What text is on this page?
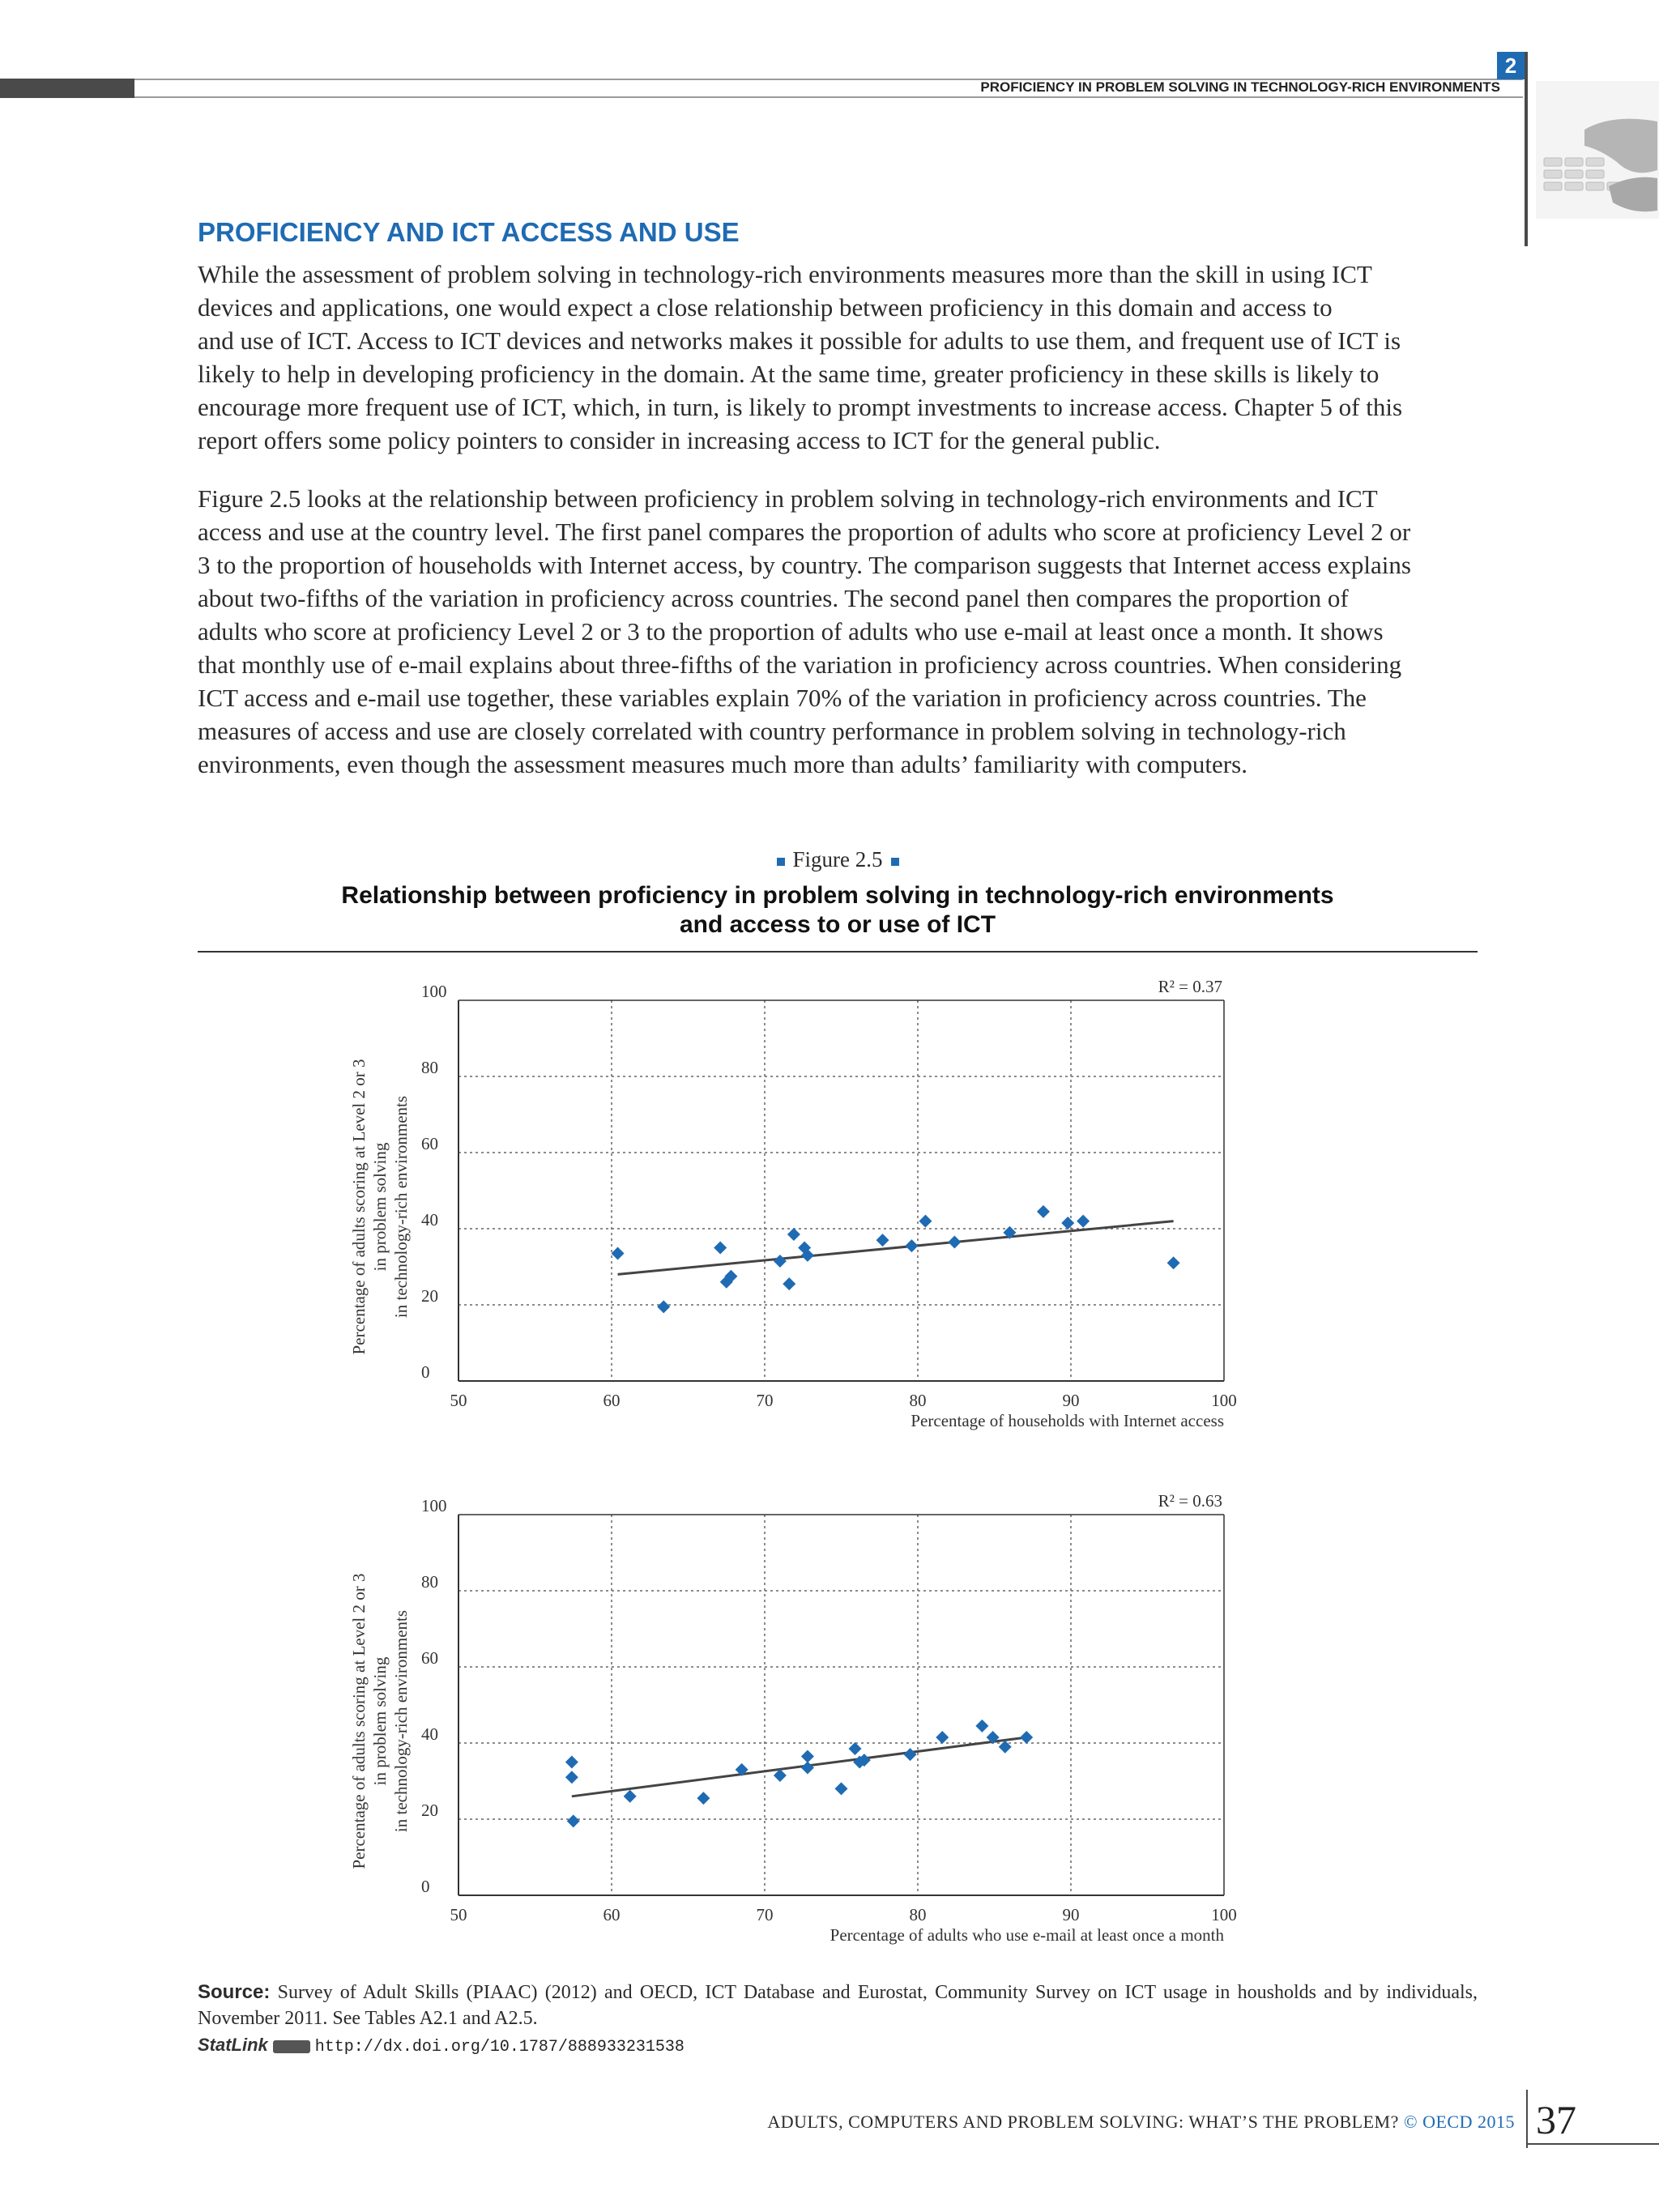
PROFICIENCY IN PROBLEM SOLVING IN TECHNOLOGY-RICH ENVIRONMENTS
2
PROFICIENCY AND ICT ACCESS AND USE
While the assessment of problem solving in technology-rich environments measures more than the skill in using ICT
devices and applications, one would expect a close relationship between proficiency in this domain and access to
and use of ICT. Access to ICT devices and networks makes it possible for adults to use them, and frequent use of ICT is
likely to help in developing proficiency in the domain. At the same time, greater proficiency in these skills is likely to
encourage more frequent use of ICT, which, in turn, is likely to prompt investments to increase access. Chapter 5 of this
report offers some policy pointers to consider in increasing access to ICT for the general public.
Figure 2.5 looks at the relationship between proficiency in problem solving in technology-rich environments and ICT
access and use at the country level. The first panel compares the proportion of adults who score at proficiency Level 2 or
3 to the proportion of households with Internet access, by country. The comparison suggests that Internet access explains
about two-fifths of the variation in proficiency across countries. The second panel then compares the proportion of
adults who score at proficiency Level 2 or 3 to the proportion of adults who use e-mail at least once a month. It shows
that monthly use of e-mail explains about three-fifths of the variation in proficiency across countries. When considering
ICT access and e-mail use together, these variables explain 70% of the variation in proficiency across countries. The
measures of access and use are closely correlated with country performance in problem solving in technology-rich
environments, even though the assessment measures much more than adults’ familiarity with computers.
Figure 2.5
Relationship between proficiency in problem solving in technology-rich environments
and access to or use of ICT
0
20
40
60
80
100
50	60	70	80	90	100
R² = 0.37
Percentage of households with Internet access
Percentage of adults scoring at Level 2 or 3 in problem solving in technology-rich environments
0
20
40
60
80
100
50	60	70	80	90	100
R² = 0.63
Percentage of adults who use e-mail at least once a month
Percentage of adults scoring at Level 2 or 3 in problem solving in technology-rich environments
Source: Survey of Adult Skills (PIAAC) (2012) and OECD, ICT Database and Eurostat, Community Survey on ICT usage in housholds and by individuals, November 2011. See Tables A2.1 and A2.5.
StatLink	http://dx.doi.org/10.1787/888933231538
ADULTS, COMPUTERS AND PROBLEM SOLVING: WHAT’S THE PROBLEM? © OECD 2015 37
